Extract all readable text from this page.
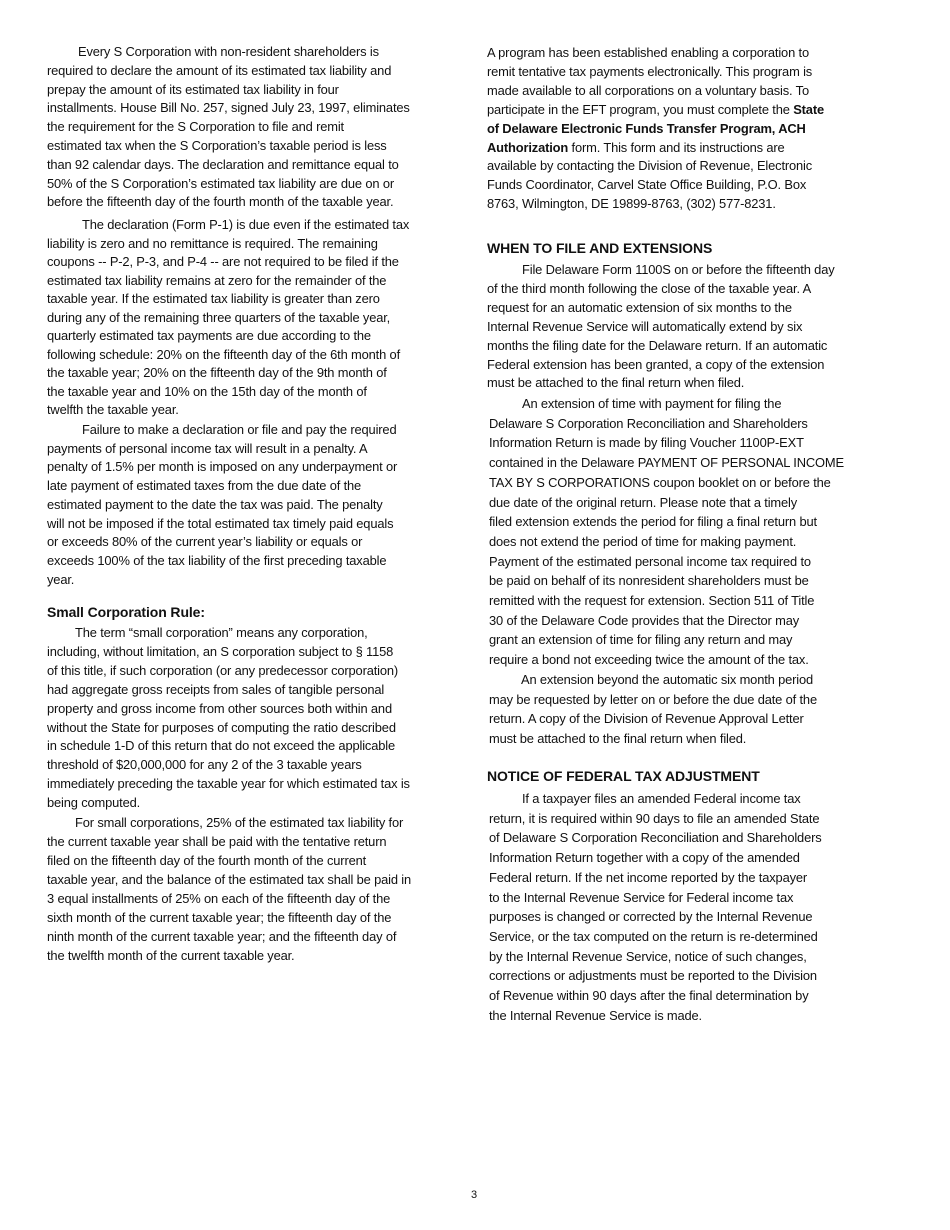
Every S Corporation with non-resident shareholders is
required to declare the amount of its estimated tax liability and
prepay the amount of its estimated tax liability in four
installments. House Bill No. 257, signed July 23, 1997, eliminates
the requirement for the S Corporation to file and remit
estimated tax when the S Corporation’s taxable period is less
than 92 calendar days. The declaration and remittance equal to
50% of the S Corporation’s estimated tax liability are due on or
before the fifteenth day of the fourth month of the taxable year.
The declaration (Form P-1) is due even if the estimated tax
liability is zero and no remittance is required. The remaining
coupons -- P-2, P-3, and P-4 -- are not required to be filed if the
estimated tax liability remains at zero for the remainder of the
taxable year. If the estimated tax liability is greater than zero
during any of the remaining three quarters of the taxable year,
quarterly estimated tax payments are due according to the
following schedule: 20% on the fifteenth day of the 6th month of
the taxable year; 20% on the fifteenth day of the 9th month of
the taxable year and 10% on the 15th day of the month of
twelfth the taxable year.
Failure to make a declaration or file and pay the required
payments of personal income tax will result in a penalty. A
penalty of 1.5% per month is imposed on any underpayment or
late payment of estimated taxes from the due date of the
estimated payment to the date the tax was paid. The penalty
will not be imposed if the total estimated tax timely paid equals
or exceeds 80% of the current year’s liability or equals or
exceeds 100% of the tax liability of the first preceding taxable
year.
Small Corporation Rule:
The term “small corporation” means any corporation,
including, without limitation, an S corporation subject to § 1158
of this title, if such corporation (or any predecessor corporation)
had aggregate gross receipts from sales of tangible personal
property and gross income from other sources both within and
without the State for purposes of computing the ratio described
in schedule 1-D of this return that do not exceed the applicable
threshold of $20,000,000 for any 2 of the 3 taxable years
immediately preceding the taxable year for which estimated tax is
being computed.
For small corporations, 25% of the estimated tax liability for
the current taxable year shall be paid with the tentative return
filed on the fifteenth day of the fourth month of the current
taxable year, and the balance of the estimated tax shall be paid in
3 equal installments of 25% on each of the fifteenth day of the
sixth month of the current taxable year; the fifteenth day of the
ninth month of the current taxable year; and the fifteenth day of
the twelfth month of the current taxable year.
A program has been established enabling a corporation to
remit tentative tax payments electronically. This program is
made available to all corporations on a voluntary basis. To
participate in the EFT program, you must complete the State
of Delaware Electronic Funds Transfer Program, ACH
Authorization form. This form and its instructions are
available by contacting the Division of Revenue, Electronic
Funds Coordinator, Carvel State Office Building, P.O. Box
8763, Wilmington, DE 19899-8763, (302) 577-8231.
WHEN TO FILE AND EXTENSIONS
File Delaware Form 1100S on or before the fifteenth day
of the third month following the close of the taxable year. A
request for an automatic extension of six months to the
Internal Revenue Service will automatically extend by six
months the filing date for the Delaware return. If an automatic
Federal extension has been granted, a copy of the extension
must be attached to the final return when filed.
An extension of time with payment for filing the
Delaware S Corporation Reconciliation and Shareholders
Information Return is made by filing Voucher 1100P-EXT
contained in the Delaware PAYMENT OF PERSONAL INCOME
TAX BY S CORPORATIONS coupon booklet on or before the
due date of the original return. Please note that a timely
filed extension extends the period for filing a final return but
does not extend the period of time for making payment.
Payment of the estimated personal income tax required to
be paid on behalf of its nonresident shareholders must be
remitted with the request for extension. Section 511 of Title
30 of the Delaware Code provides that the Director may
grant an extension of time for filing any return and may
require a bond not exceeding twice the amount of the tax.
An extension beyond the automatic six month period
may be requested by letter on or before the due date of the
return. A copy of the Division of Revenue Approval Letter
must be attached to the final return when filed.
NOTICE OF FEDERAL TAX ADJUSTMENT
If a taxpayer files an amended Federal income tax
return, it is required within 90 days to file an amended State
of Delaware S Corporation Reconciliation and Shareholders
Information Return together with a copy of the amended
Federal return. If the net income reported by the taxpayer
to the Internal Revenue Service for Federal income tax
purposes is changed or corrected by the Internal Revenue
Service, or the tax computed on the return is re-determined
by the Internal Revenue Service, notice of such changes,
corrections or adjustments must be reported to the Division
of Revenue within 90 days after the final determination by
the Internal Revenue Service is made.
3
